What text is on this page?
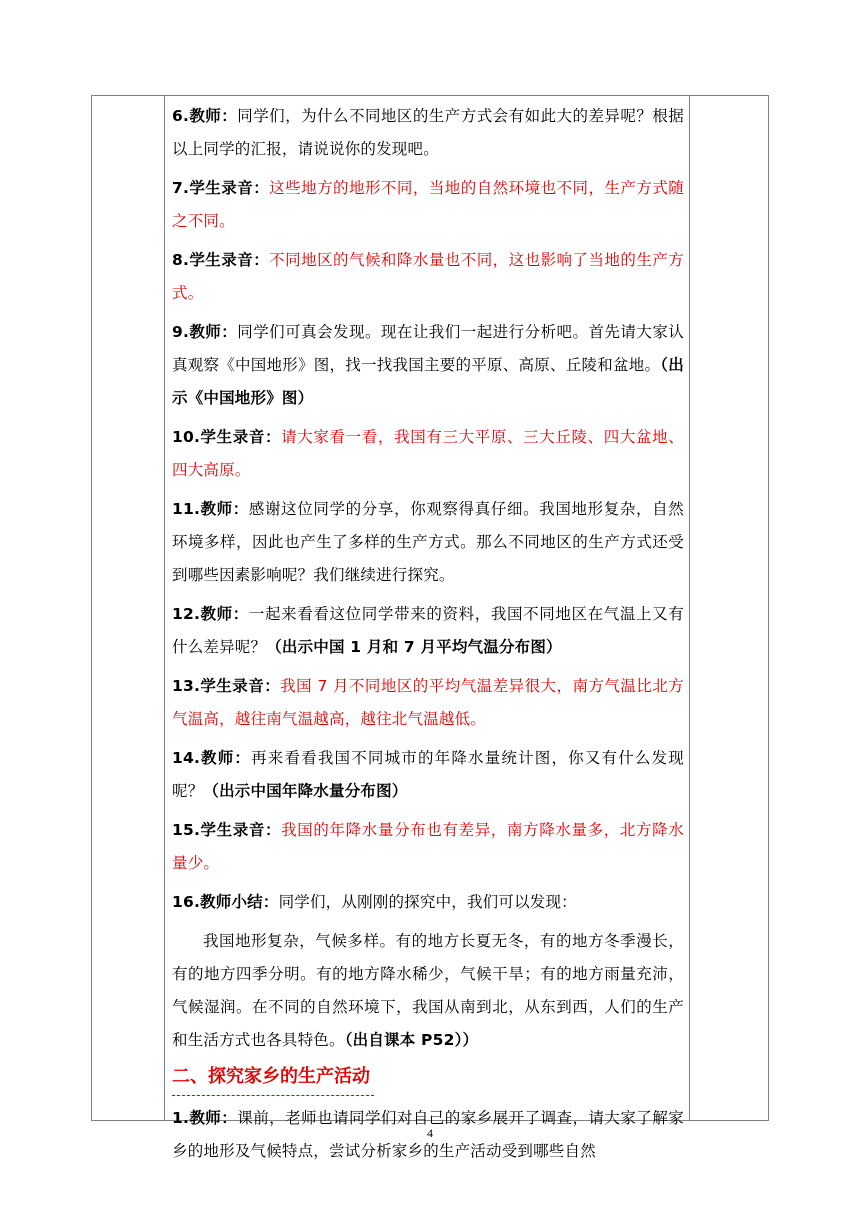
6.教师：同学们，为什么不同地区的生产方式会有如此大的差异呢？根据以上同学的汇报，请说说你的发现吧。

7.学生录音：这些地方的地形不同，当地的自然环境也不同，生产方式随之不同。

8.学生录音：不同地区的气候和降水量也不同，这也影响了当地的生产方式。

9.教师：同学们可真会发现。现在让我们一起进行分析吧。首先请大家认真观察《中国地形》图，找一找我国主要的平原、高原、丘陵和盆地。（出示《中国地形》图）

10.学生录音：请大家看一看，我国有三大平原、三大丘陵、四大盆地、四大高原。

11.教师：感谢这位同学的分享，你观察得真仔细。我国地形复杂，自然环境多样，因此也产生了多样的生产方式。那么不同地区的生产方式还受到哪些因素影响呢？我们继续进行探究。

12.教师：一起来看看这位同学带来的资料，我国不同地区在气温上又有什么差异呢？（出示中国 1 月和 7 月平均气温分布图）

13.学生录音：我国 7 月不同地区的平均气温差异很大，南方气温比北方气温高，越往南气温越高，越往北气温越低。

14.教师：再来看看我国不同城市的年降水量统计图，你又有什么发现呢？（出示中国年降水量分布图）

15.学生录音：我国的年降水量分布也有差异，南方降水量多，北方降水量少。

16.教师小结：同学们，从刚刚的探究中，我们可以发现：

我国地形复杂，气候多样。有的地方长夏无冬，有的地方冬季漫长，有的地方四季分明。有的地方降水稀少，气候干旱；有的地方雨量充沛，气候湿润。在不同的自然环境下，我国从南到北，从东到西，人们的生产和生活方式也各具特色。（出自课本 P52））

二、探究家乡的生产活动

1.教师：课前，老师也请同学们对自己的家乡展开了调查，请大家了解家乡的地形及气候特点，尝试分析家乡的生产活动受到哪些自然

4
